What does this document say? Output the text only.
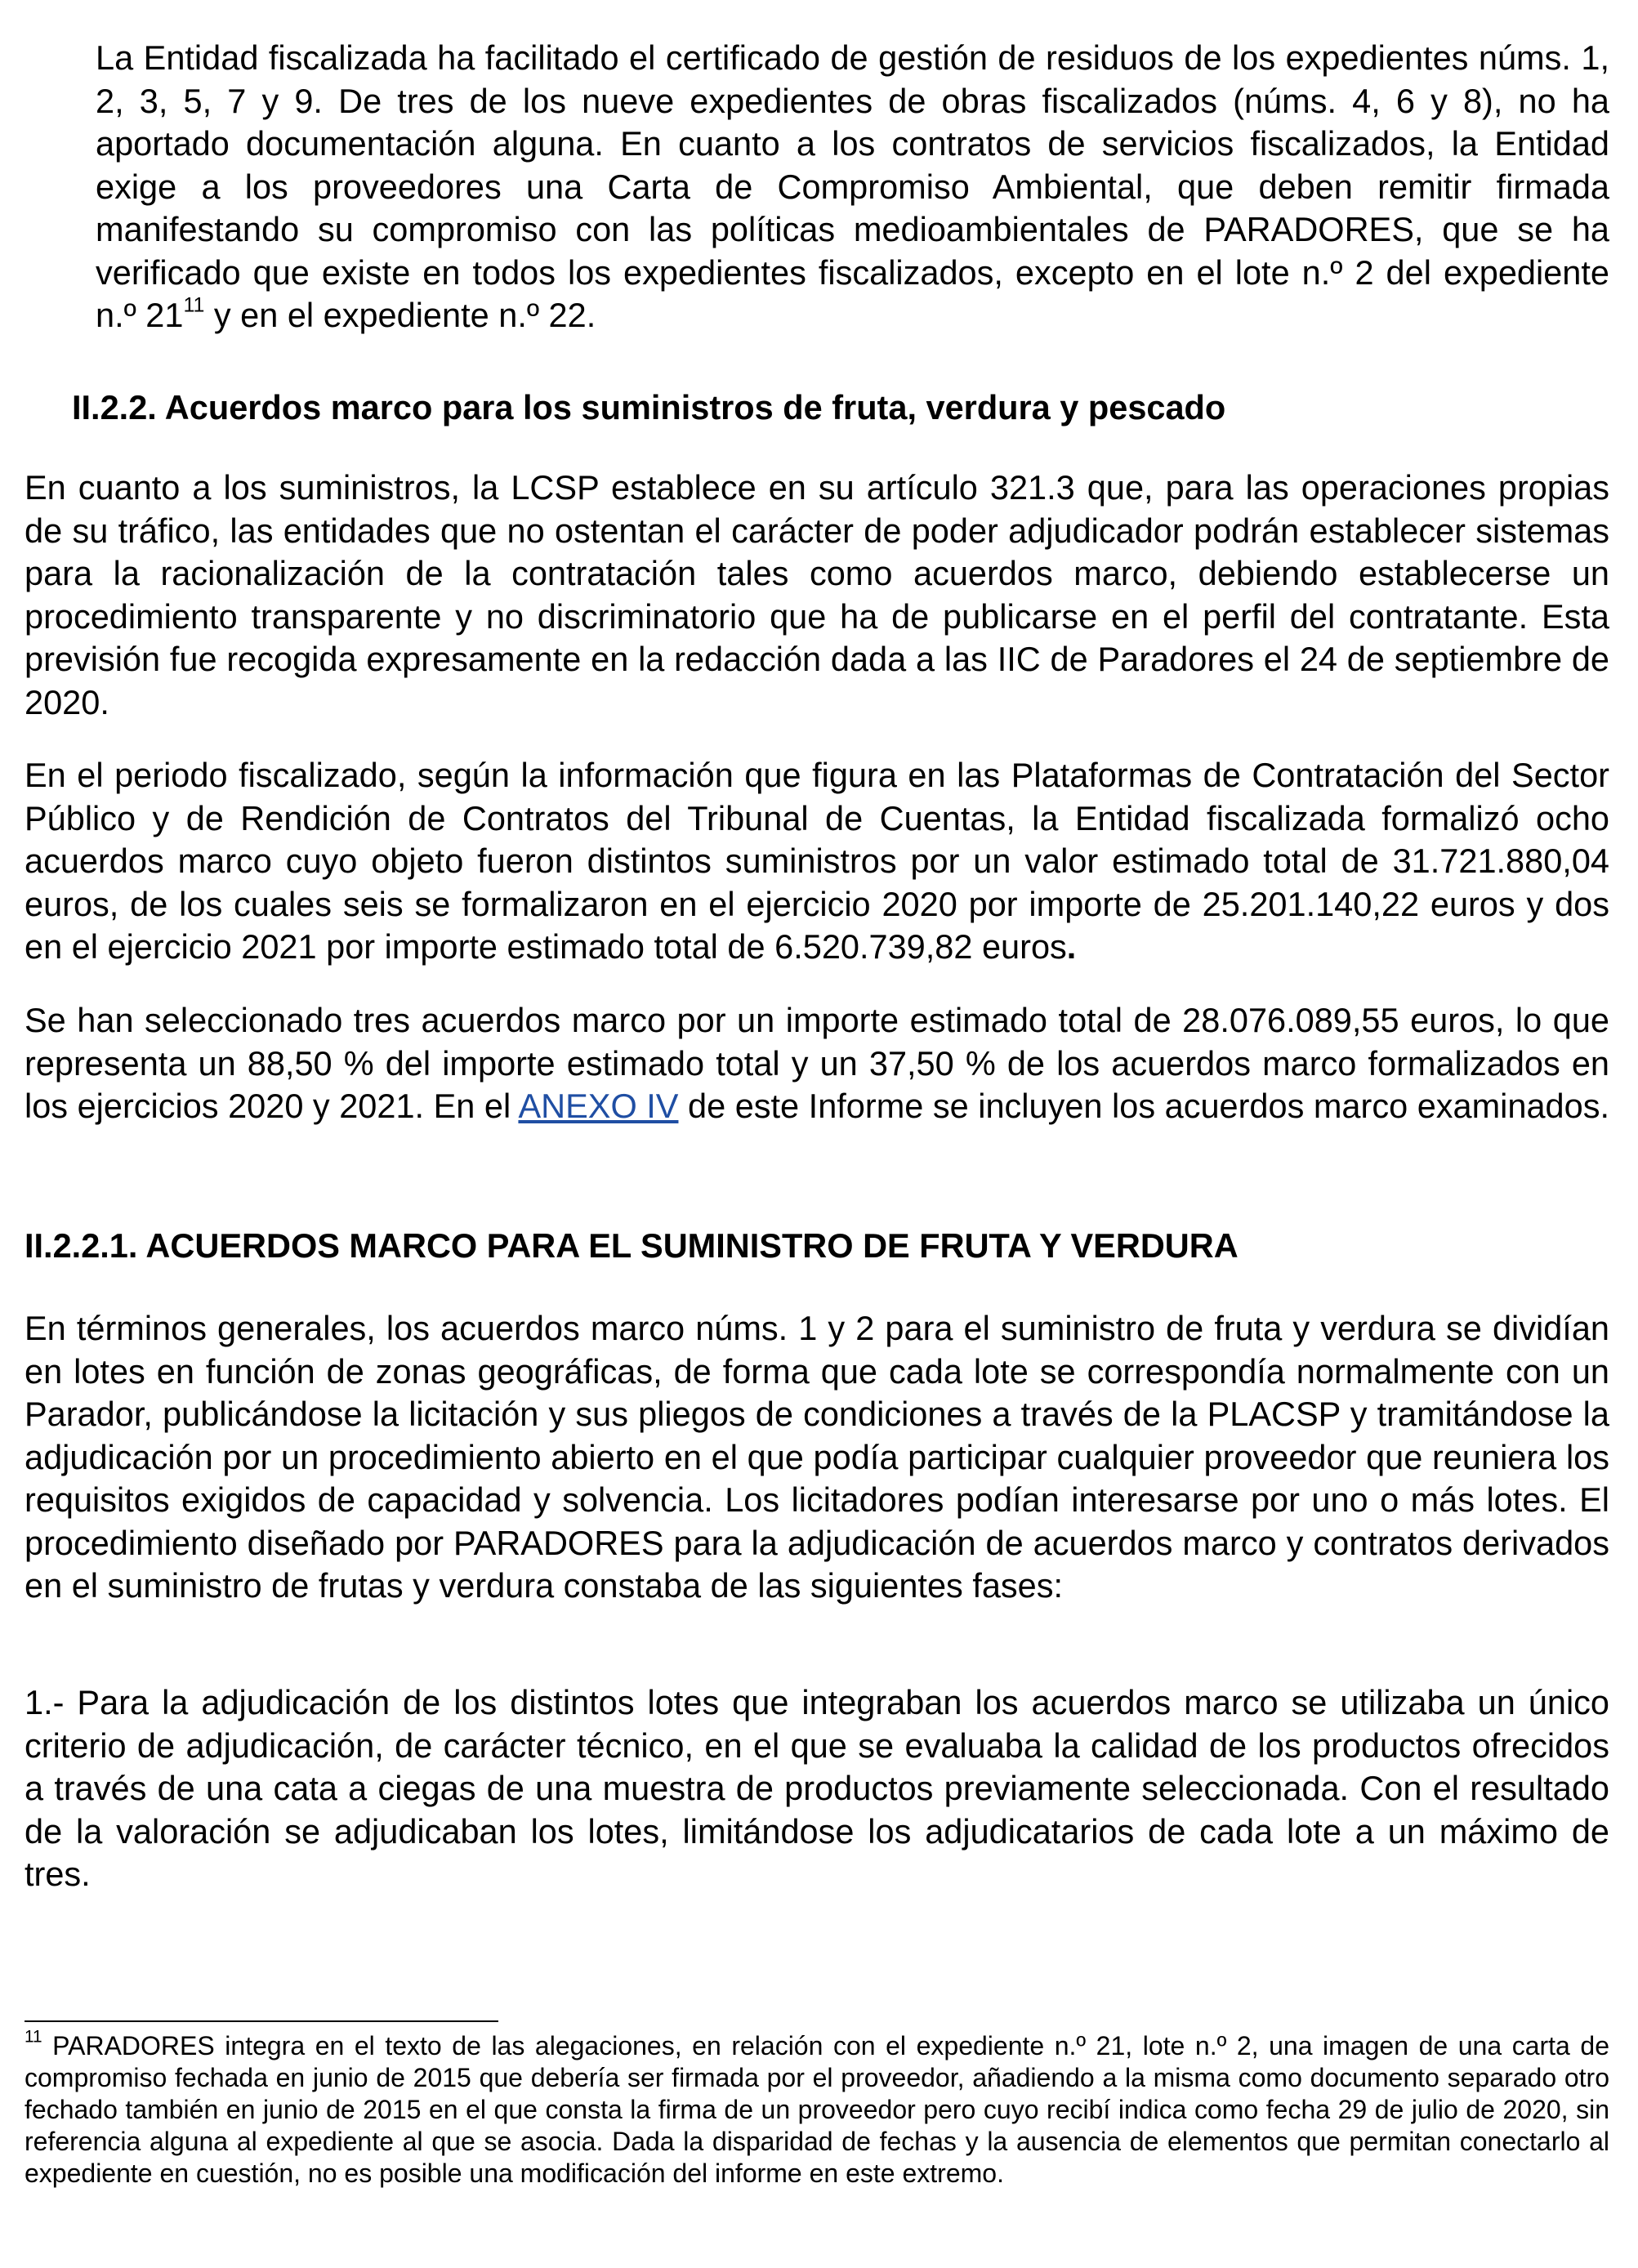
La Entidad fiscalizada ha facilitado el certificado de gestión de residuos de los expedientes núms. 1, 2, 3, 5, 7 y 9. De tres de los nueve expedientes de obras fiscalizados (núms. 4, 6 y 8), no ha aportado documentación alguna. En cuanto a los contratos de servicios fiscalizados, la Entidad exige a los proveedores una Carta de Compromiso Ambiental, que deben remitir firmada manifestando su compromiso con las políticas medioambientales de PARADORES, que se ha verificado que existe en todos los expedientes fiscalizados, excepto en el lote n.º 2 del expediente n.º $21^{11}$ y en el expediente n.º 22.

II.2.2. Acuerdos marco para los suministros de fruta, verdura y pescado

En cuanto a los suministros, la LCSP establece en su artículo 321.3 que, para las operaciones propias de su tráfico, las entidades que no ostentan el carácter de poder adjudicador podrán establecer sistemas para la racionalización de la contratación tales como acuerdos marco, debiendo establecerse un procedimiento transparente y no discriminatorio que ha de publicarse en el perfil del contratante. Esta previsión fue recogida expresamente en la redacción dada a las IIC de Paradores el 24 de septiembre de 2020.

En el periodo fiscalizado, según la información que figura en las Plataformas de Contratación del Sector Público y de Rendición de Contratos del Tribunal de Cuentas, la Entidad fiscalizada formalizó ocho acuerdos marco cuyo objeto fueron distintos suministros por un valor estimado total de 31.721.880,04 euros, de los cuales seis se formalizaron en el ejercicio 2020 por importe de 25.201.140,22 euros y dos en el ejercicio 2021 por importe estimado total de 6.520.739,82 euros.

Se han seleccionado tres acuerdos marco por un importe estimado total de 28.076.089,55 euros, lo que representa un 88,50 % del importe estimado total y un 37,50 % de los acuerdos marco formalizados en los ejercicios 2020 y 2021. En el ANEXO IV de este Informe se incluyen los acuerdos marco examinados.

II.2.2.1. ACUERDOS MARCO PARA EL SUMINISTRO DE FRUTA Y VERDURA

En términos generales, los acuerdos marco núms. 1 y 2 para el suministro de fruta y verdura se dividían en lotes en función de zonas geográficas, de forma que cada lote se correspondía normalmente con un Parador, publicándose la licitación y sus pliegos de condiciones a través de la PLACSP y tramitándose la adjudicación por un procedimiento abierto en el que podía participar cualquier proveedor que reuniera los requisitos exigidos de capacidad y solvencia. Los licitadores podían interesarse por uno o más lotes. El procedimiento diseñado por PARADORES para la adjudicación de acuerdos marco y contratos derivados en el suministro de frutas y verdura constaba de las siguientes fases:

1.- Para la adjudicación de los distintos lotes que integraban los acuerdos marco se utilizaba un único criterio de adjudicación, de carácter técnico, en el que se evaluaba la calidad de los productos ofrecidos a través de una cata a ciegas de una muestra de productos previamente seleccionada. Con el resultado de la valoración se adjudicaban los lotes, limitándose los adjudicatarios de cada lote a un máximo de tres.

$^{11}$ PARADORES integra en el texto de las alegaciones, en relación con el expediente n.º 21, lote n.º 2, una imagen de una carta de compromiso fechada en junio de 2015 que debería ser firmada por el proveedor, añadiendo a la misma como documento separado otro fechado también en junio de 2015 en el que consta la firma de un proveedor pero cuyo recibí indica como fecha 29 de julio de 2020, sin referencia alguna al expediente al que se asocia. Dada la disparidad de fechas y la ausencia de elementos que permitan conectarlo al expediente en cuestión, no es posible una modificación del informe en este extremo.
